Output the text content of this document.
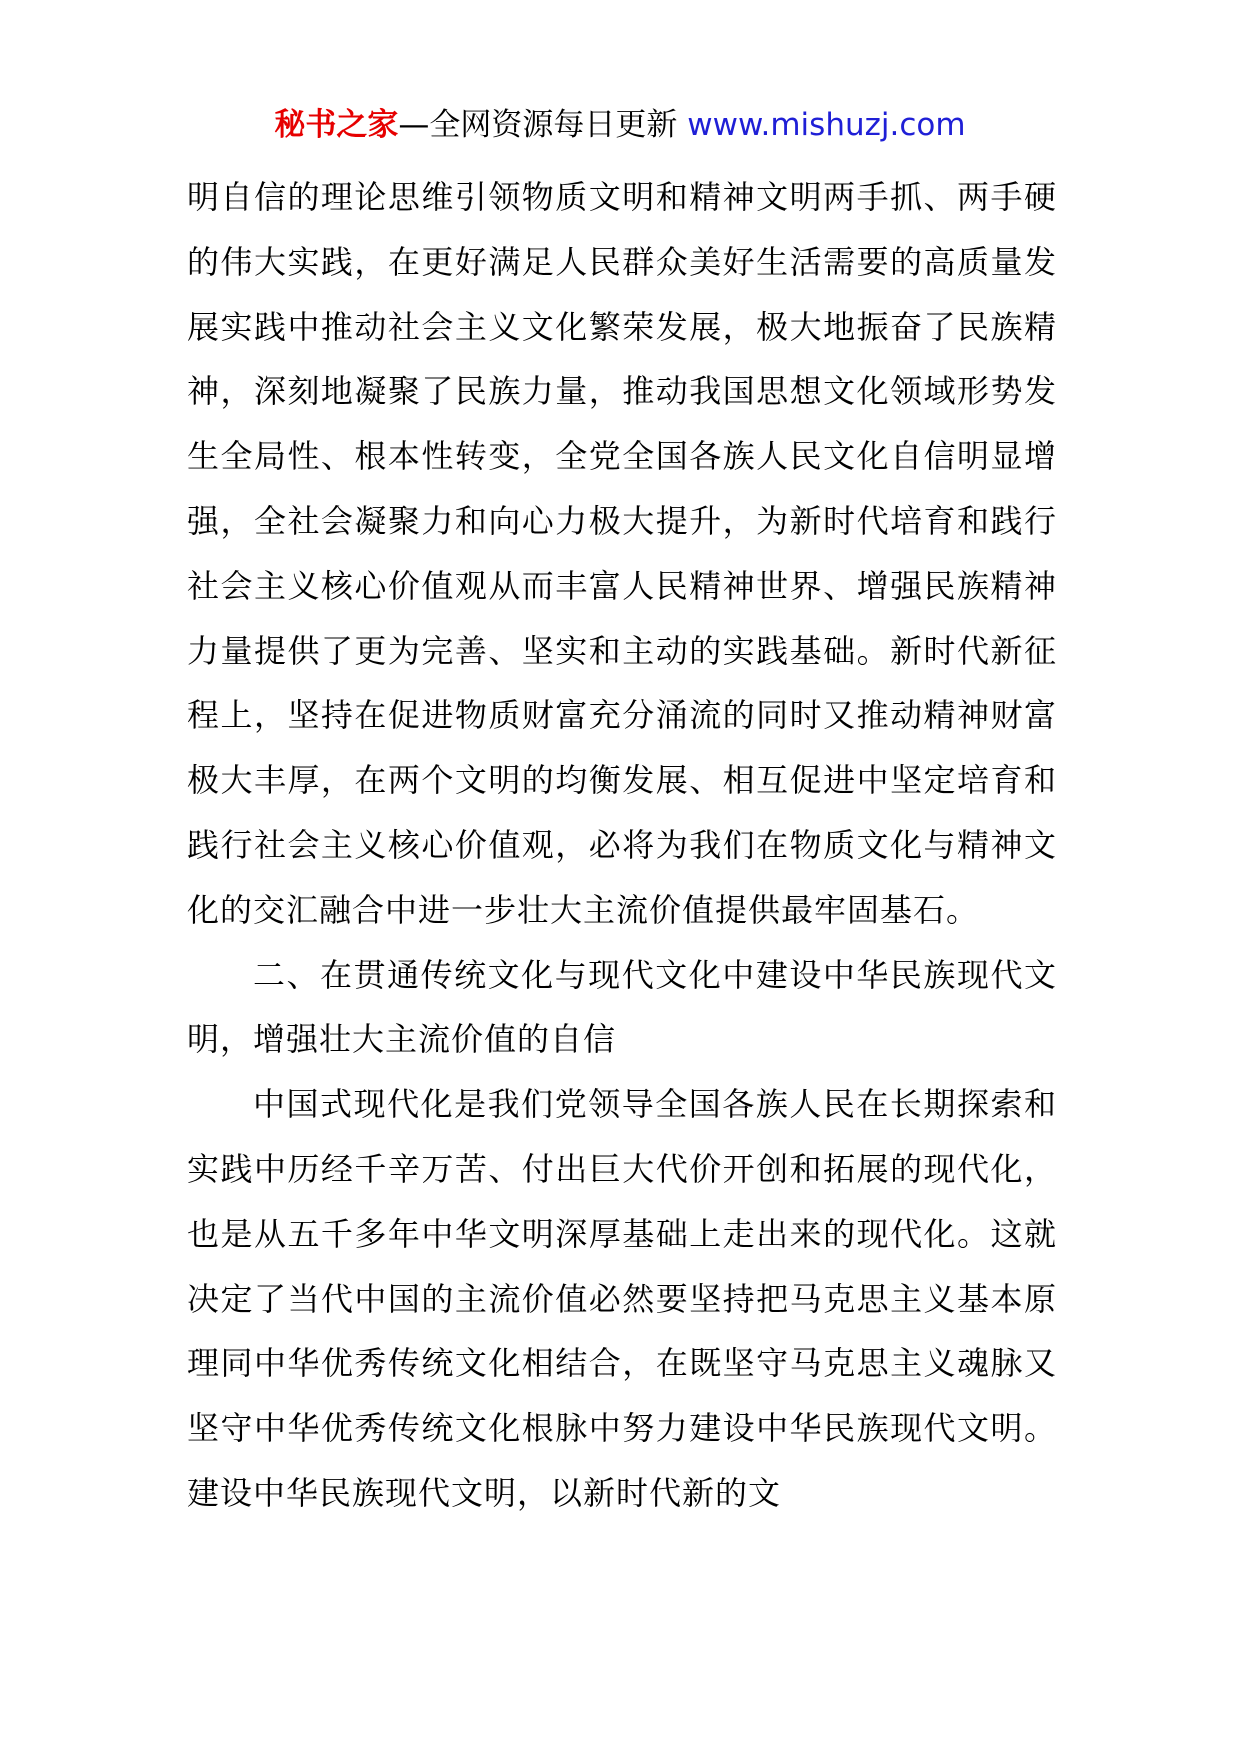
秘书之家—全网资源每日更新 www.mishuzj.com

明自信的理论思维引领物质文明和精神文明两手抓、两手硬的伟大实践，在更好满足人民群众美好生活需要的高质量发展实践中推动社会主义文化繁荣发展，极大地振奋了民族精神，深刻地凝聚了民族力量，推动我国思想文化领域形势发生全局性、根本性转变，全党全国各族人民文化自信明显增强，全社会凝聚力和向心力极大提升，为新时代培育和践行社会主义核心价值观从而丰富人民精神世界、增强民族精神力量提供了更为完善、坚实和主动的实践基础。新时代新征程上，坚持在促进物质财富充分涌流的同时又推动精神财富极大丰厚，在两个文明的均衡发展、相互促进中坚定培育和践行社会主义核心价值观，必将为我们在物质文化与精神文化的交汇融合中进一步壮大主流价值提供最牢固基石。

二、在贯通传统文化与现代文化中建设中华民族现代文明，增强壮大主流价值的自信

中国式现代化是我们党领导全国各族人民在长期探索和实践中历经千辛万苦、付出巨大代价开创和拓展的现代化，也是从五千多年中华文明深厚基础上走出来的现代化。这就决定了当代中国的主流价值必然要坚持把马克思主义基本原理同中华优秀传统文化相结合，在既坚守马克思主义魂脉又坚守中华优秀传统文化根脉中努力建设中华民族现代文明。建设中华民族现代文明，以新时代新的文
